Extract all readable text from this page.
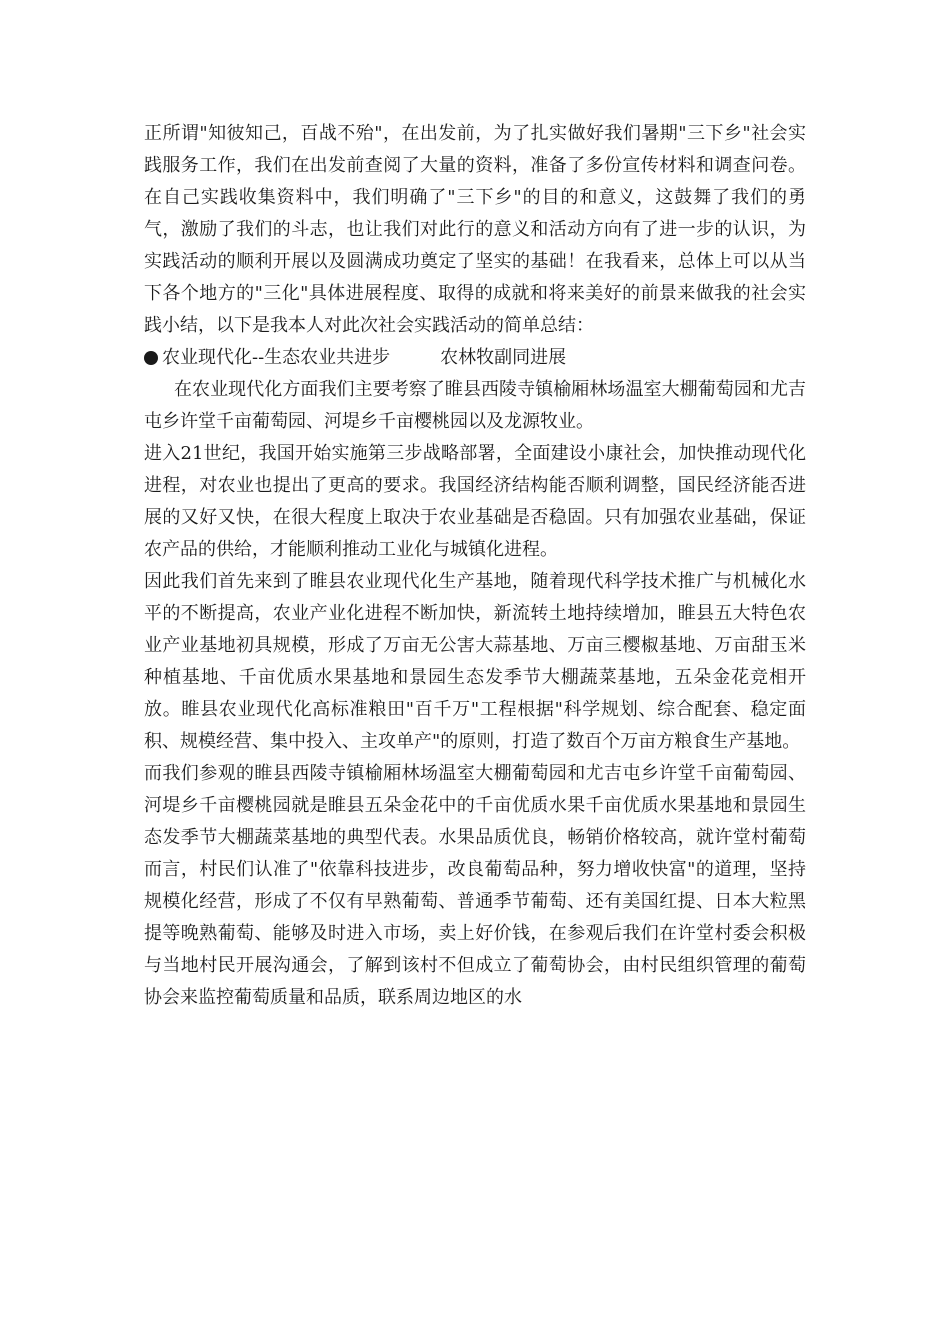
正所谓"知彼知己，百战不殆"，在出发前，为了扎实做好我们暑期"三下乡"社会实践服务工作，我们在出发前查阅了大量的资料，准备了多份宣传材料和调查问卷。在自己实践收集资料中，我们明确了"三下乡"的目的和意义，这鼓舞了我们的勇气，激励了我们的斗志，也让我们对此行的意义和活动方向有了进一步的认识，为实践活动的顺利开展以及圆满成功奠定了坚实的基础！在我看来，总体上可以从当下各个地方的"三化"具体进展程度、取得的成就和将来美好的前景来做我的社会实践小结，以下是我本人对此次社会实践活动的简单总结：

农业现代化--生态农业共进步	农林牧副同进展

在农业现代化方面我们主要考察了睢县西陵寺镇榆厢林场温室大棚葡萄园和尤吉屯乡许堂千亩葡萄园、河堤乡千亩樱桃园以及龙源牧业。

进入21世纪，我国开始实施第三步战略部署，全面建设小康社会，加快推动现代化进程，对农业也提出了更高的要求。我国经济结构能否顺利调整，国民经济能否进展的又好又快，在很大程度上取决于农业基础是否稳固。只有加强农业基础，保证农产品的供给，才能顺利推动工业化与城镇化进程。

因此我们首先来到了睢县农业现代化生产基地，随着现代科学技术推广与机械化水平的不断提高，农业产业化进程不断加快，新流转土地持续增加，睢县五大特色农业产业基地初具规模，形成了万亩无公害大蒜基地、万亩三樱椒基地、万亩甜玉米种植基地、千亩优质水果基地和景园生态发季节大棚蔬菜基地，五朵金花竞相开放。睢县农业现代化高标准粮田"百千万"工程根据"科学规划、综合配套、稳定面积、规模经营、集中投入、主攻单产"的原则，打造了数百个万亩方粮食生产基地。

而我们参观的睢县西陵寺镇榆厢林场温室大棚葡萄园和尤吉屯乡许堂千亩葡萄园、河堤乡千亩樱桃园就是睢县五朵金花中的千亩优质水果千亩优质水果基地和景园生态发季节大棚蔬菜基地的典型代表。水果品质优良，畅销价格较高，就许堂村葡萄而言，村民们认准了"依靠科技进步，改良葡萄品种，努力增收快富"的道理，坚持规模化经营，形成了不仅有早熟葡萄、普通季节葡萄、还有美国红提、日本大粒黑提等晚熟葡萄、能够及时进入市场，卖上好价钱，在参观后我们在许堂村委会积极与当地村民开展沟通会，了解到该村不但成立了葡萄协会，由村民组织管理的葡萄协会来监控葡萄质量和品质，联系周边地区的水
